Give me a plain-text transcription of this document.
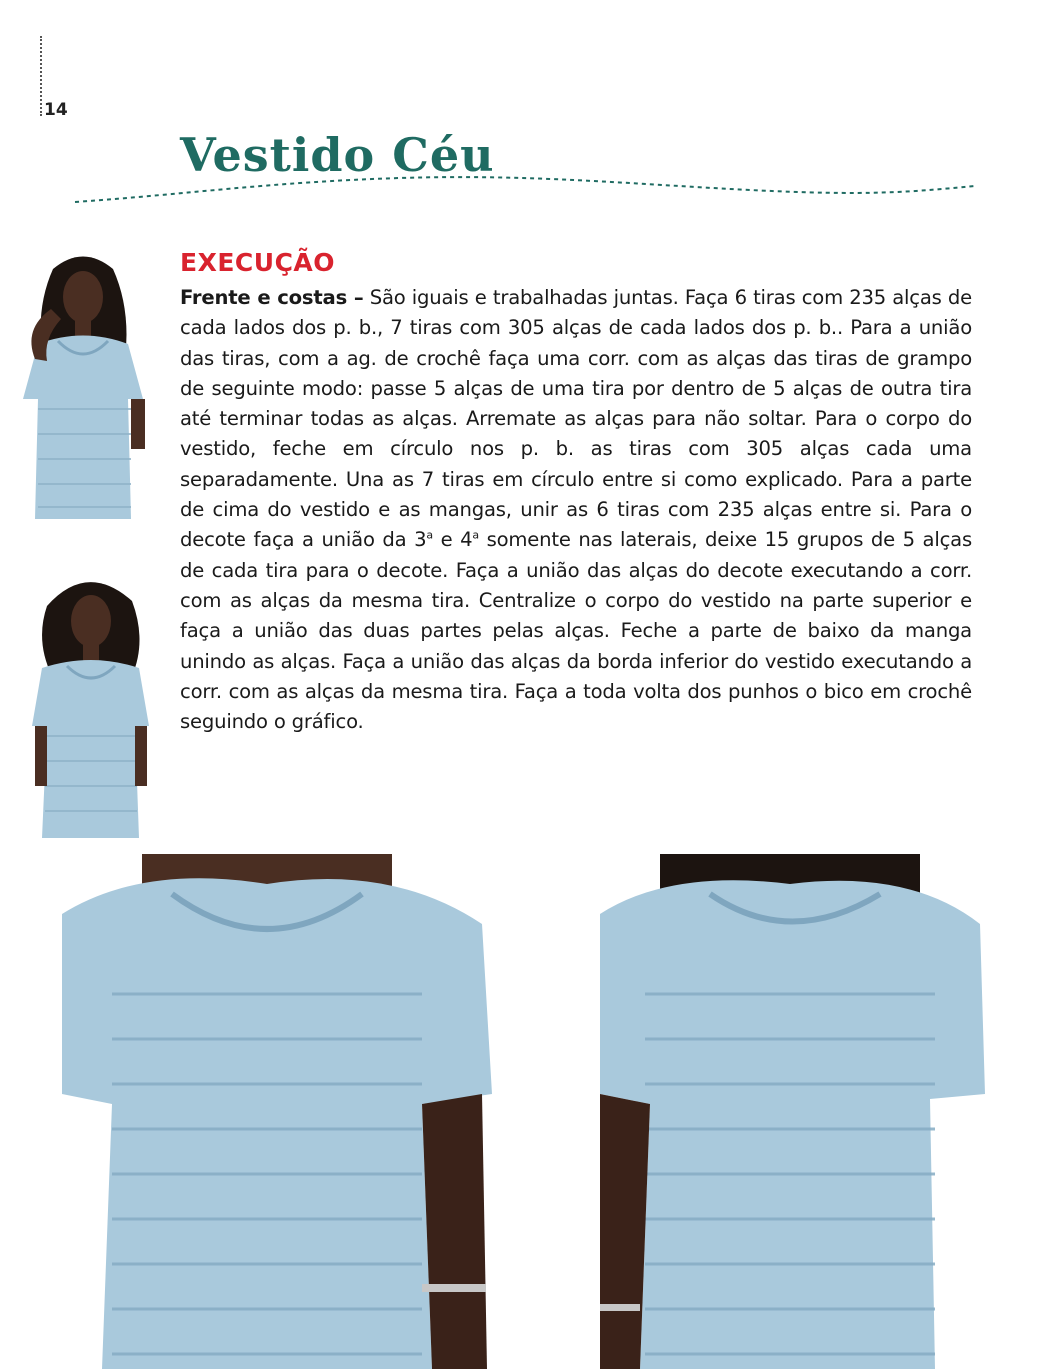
14
Vestido Céu
EXECUÇÃO

Frente e costas – São iguais e trabalhadas juntas. Faça 6 tiras com 235 alças de cada lados dos p. b., 7 tiras com 305 alças de cada lados dos p. b.. Para a união das tiras, com a ag. de crochê faça uma corr. com as alças das tiras de grampo de seguinte modo: passe 5 alças de uma tira por dentro de 5 alças de outra tira até terminar todas as alças. Arremate as alças para não soltar. Para o corpo do vestido, feche em círculo nos p. b. as tiras com 305 alças cada uma separadamente. Una as 7 tiras em círculo entre si como explicado. Para a parte de cima do vestido e as mangas, unir as 6 tiras com 235 alças entre si. Para o decote faça a união da 3$^a$ e 4$^a$ somente nas laterais, deixe 15 grupos de 5 alças de cada tira para o decote. Faça a união das alças do decote executando a corr. com as alças da mesma tira. Centralize o corpo do vestido na parte superior e faça a união das duas partes pelas alças. Feche a parte de baixo da manga unindo as alças. Faça a união das alças da borda inferior do vestido executando a corr. com as alças da mesma tira. Faça a toda volta dos punhos o bico em crochê seguindo o gráfico.
